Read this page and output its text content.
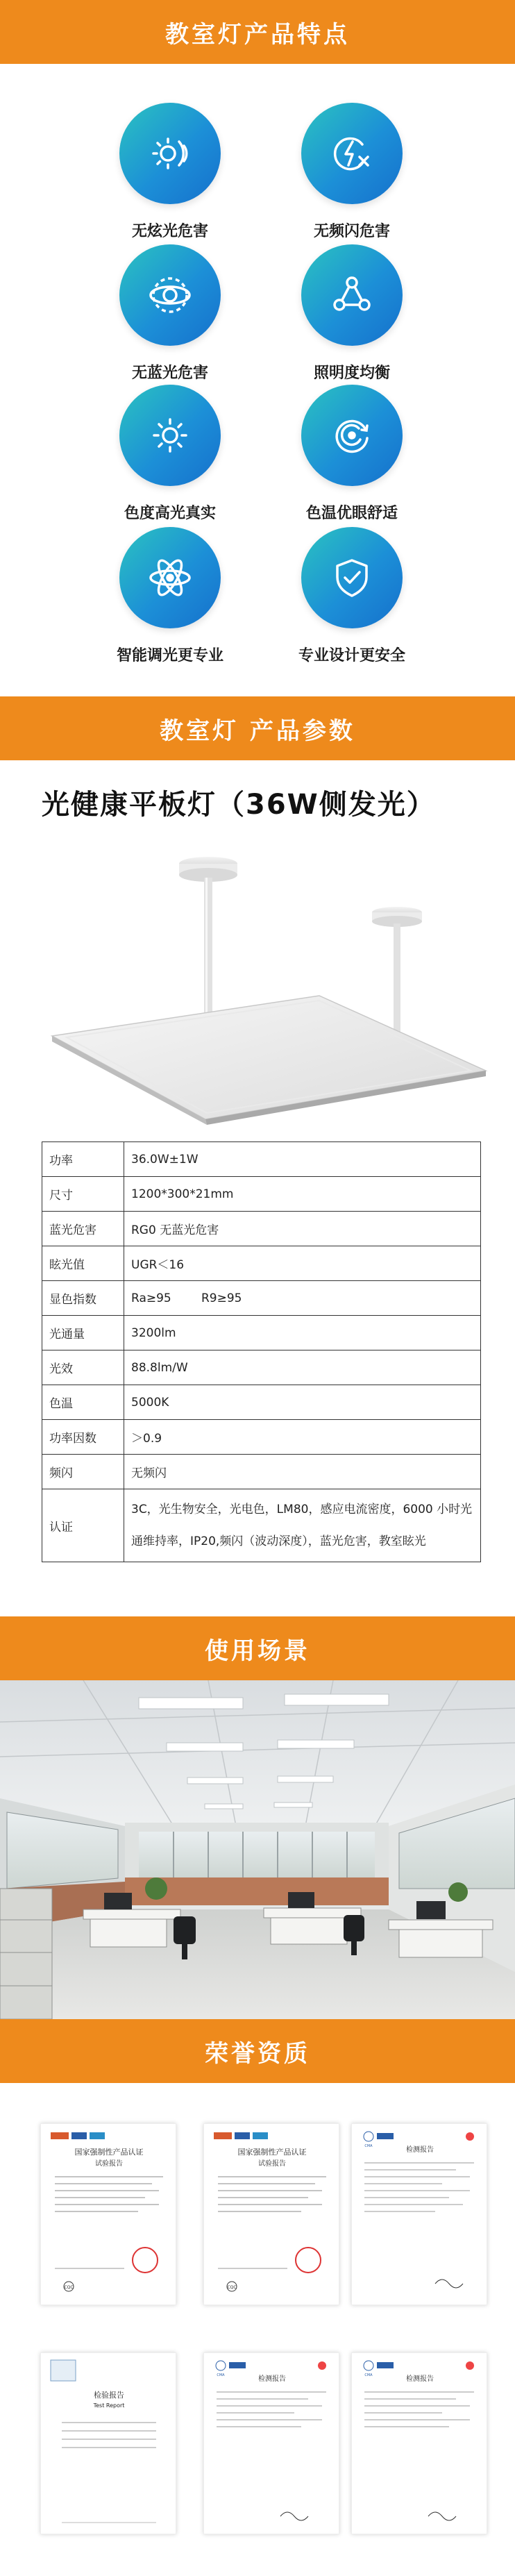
教室灯产品特点
无炫光危害	无频闪危害
无蓝光危害	照明度均衡
色度高光真实	色温优眼舒适
智能调光更专业	专业设计更安全
教室灯 产品参数
光健康平板灯（36W侧发光）
功率	36.0W±1W
尺寸	1200*300*21mm
蓝光危害	RG0 无蓝光危害
眩光值	UGR＜16
显色指数	Ra≥95        R9≥95
光通量	3200lm
光效	88.8lm/W
色温	5000K
功率因数	＞0.9
频闪	无频闪
认证	3C，光生物安全，光电色，LM80，感应电流密度，6000 小时光通维持率，IP20,频闪（波动深度），蓝光危害，教室眩光
使用场景
荣誉资质
国家强制性产品认证
试验报告
CQC
国家强制性产品认证
试验报告
CQC
检测报告
CMA
检验报告
Test Report
检测报告
CMA	检测报告
CMA
